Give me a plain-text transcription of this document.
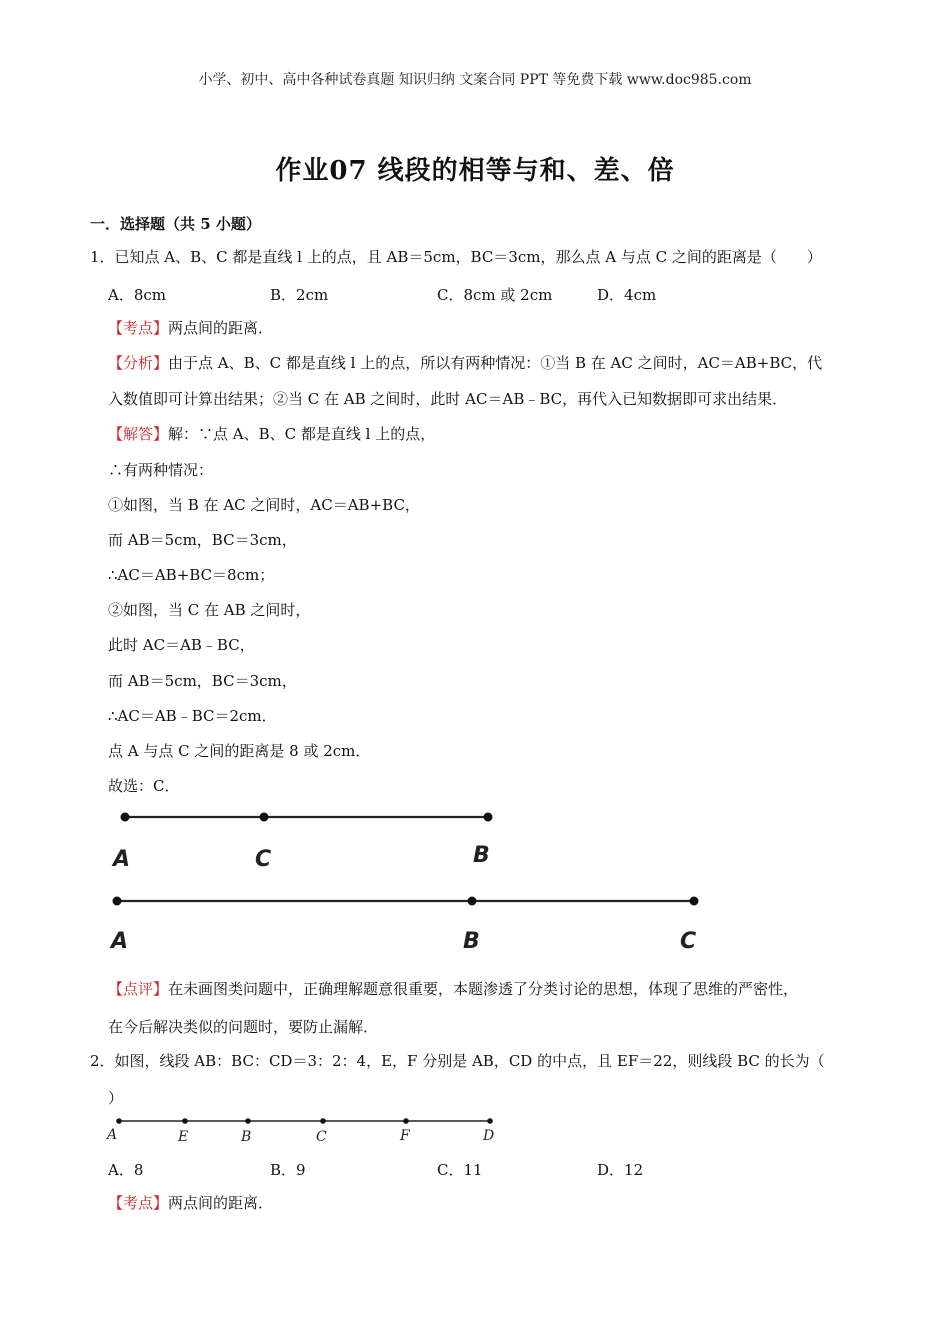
小学、初中、高中各种试卷真题 知识归纳 文案合同 PPT 等免费下载 www.doc985.com
作业07 线段的相等与和、差、倍
一．选择题（共 5 小题）
1．已知点 A、B、C 都是直线 l 上的点，且 AB＝5cm，BC＝3cm，那么点 A 与点 C 之间的距离是（　　）
A．8cm	B．2cm	C．8cm 或 2cm	D．4cm
【考点】两点间的距离．
【分析】由于点 A、B、C 都是直线 l 上的点，所以有两种情况：①当 B 在 AC 之间时，AC＝AB+BC，代
入数值即可计算出结果；②当 C 在 AB 之间时，此时 AC＝AB﹣BC，再代入已知数据即可求出结果．
【解答】解：∵点 A、B、C 都是直线 l 上的点，
∴有两种情况：
①如图，当 B 在 AC 之间时，AC＝AB+BC，
而 AB＝5cm，BC＝3cm，
∴AC＝AB+BC＝8cm；
②如图，当 C 在 AB 之间时，
此时 AC＝AB﹣BC，
而 AB＝5cm，BC＝3cm，
∴AC＝AB﹣BC＝2cm．
点 A 与点 C 之间的距离是 8 或 2cm．
故选：C．
A	C	B
A	B	C
A	E	B	C	F	D
【点评】在未画图类问题中，正确理解题意很重要，本题渗透了分类讨论的思想，体现了思维的严密性，
在今后解决类似的问题时，要防止漏解．
2．如图，线段 AB：BC：CD＝3：2：4，E，F 分别是 AB，CD 的中点，且 EF＝22，则线段 BC 的长为（
）
A．8	B．9	C．11	D．12
【考点】两点间的距离．
